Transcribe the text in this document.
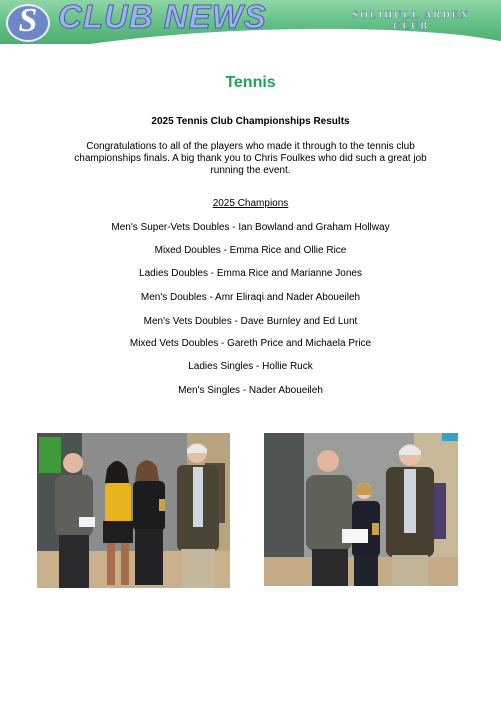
S CLUB NEWS	SOLIHULL ARDEN
CLUB
Tennis
2025 Tennis Club Championships Results
Congratulations to all of the players who made it through to the tennis club championships finals. A big thank you to Chris Foulkes who did such a great job running the event.
2025 Champions
Men's Super-Vets Doubles - Ian Bowland and Graham Hollway
Mixed Doubles - Emma Rice and Ollie Rice
Ladies Doubles - Emma Rice and Marianne Jones
Men's Doubles - Amr Eliraqi and Nader Aboueileh
Men's Vets Doubles - Dave Burnley and Ed Lunt
Mixed Vets Doubles - Gareth Price and Michaela Price
Ladies Singles - Hollie Ruck
Men's Singles - Nader Aboueileh
